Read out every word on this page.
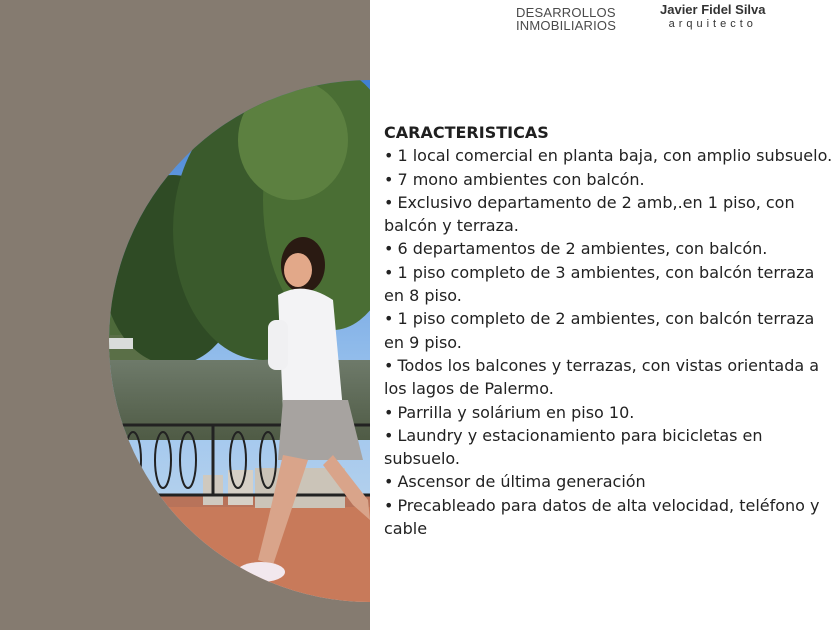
DESARROLLOS
INMOBILIARIOS
Javier Fidel Silva
arquitecto
CARACTERISTICAS
• 1 local comercial en planta baja, con amplio subsuelo.
• 7 mono ambientes con balcón.
• Exclusivo departamento de 2 amb,.en 1 piso, con balcón y terraza.
• 6 departamentos de 2 ambientes, con balcón.
• 1 piso completo de 3 ambientes, con balcón terraza en 8 piso.
• 1 piso completo de 2 ambientes, con balcón terraza en 9 piso.
• Todos los balcones y terrazas, con vistas orientada a los lagos de Palermo.
• Parrilla y solárium en piso 10.
• Laundry y estacionamiento para bicicletas en subsuelo.
• Ascensor de última generación
• Precableado para datos de alta velocidad, teléfono y cable
